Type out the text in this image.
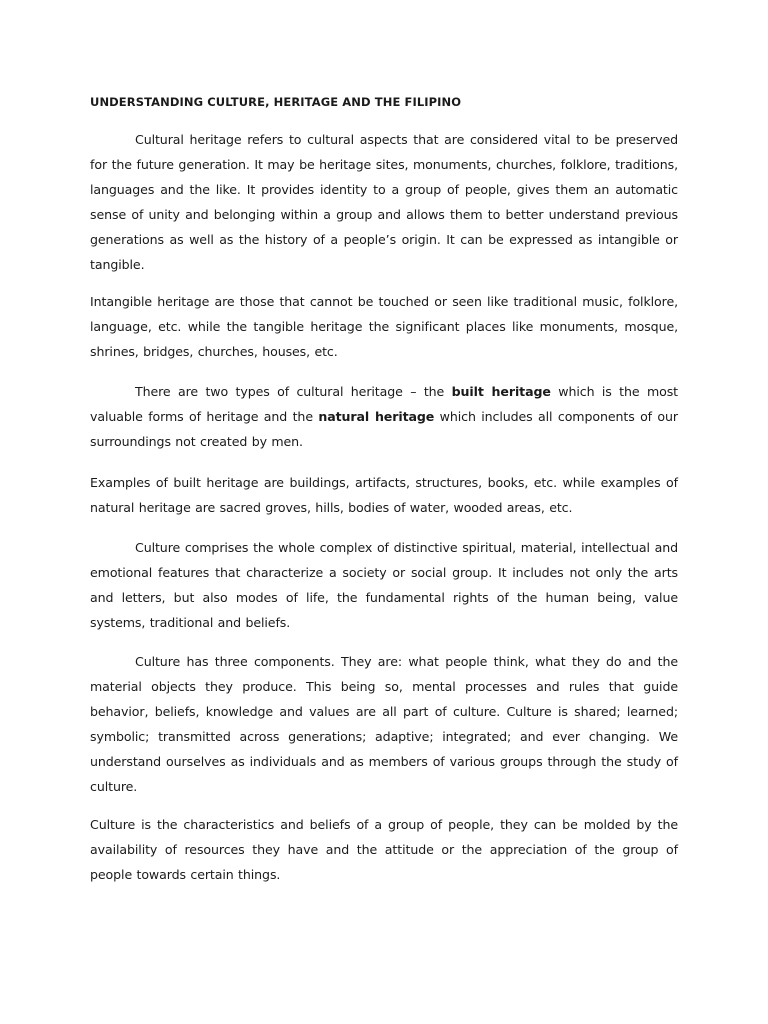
UNDERSTANDING CULTURE, HERITAGE AND THE FILIPINO

Cultural heritage refers to cultural aspects that are considered vital to be preserved for the future generation. It may be heritage sites, monuments, churches, folklore, traditions, languages and the like. It provides identity to a group of people, gives them an automatic sense of unity and belonging within a group and allows them to better understand previous generations as well as the history of a people’s origin. It can be expressed as intangible or tangible.

Intangible heritage are those that cannot be touched or seen like traditional music, folklore, language, etc. while the tangible heritage the significant places like monuments, mosque, shrines, bridges, churches, houses, etc.

There are two types of cultural heritage – the built heritage which is the most valuable forms of heritage and the natural heritage which includes all components of our surroundings not created by men.

Examples of built heritage are buildings, artifacts, structures, books, etc. while examples of natural heritage are sacred groves, hills, bodies of water, wooded areas, etc.

Culture comprises the whole complex of distinctive spiritual, material, intellectual and emotional features that characterize a society or social group. It includes not only the arts and letters, but also modes of life, the fundamental rights of the human being, value systems, traditional and beliefs.

Culture has three components. They are: what people think, what they do and the material objects they produce. This being so, mental processes and rules that guide behavior, beliefs, knowledge and values are all part of culture. Culture is shared; learned; symbolic; transmitted across generations; adaptive; integrated; and ever changing. We understand ourselves as individuals and as members of various groups through the study of culture.

Culture is the characteristics and beliefs of a group of people, they can be molded by the availability of resources they have and the attitude or the appreciation of the group of people towards certain things.
